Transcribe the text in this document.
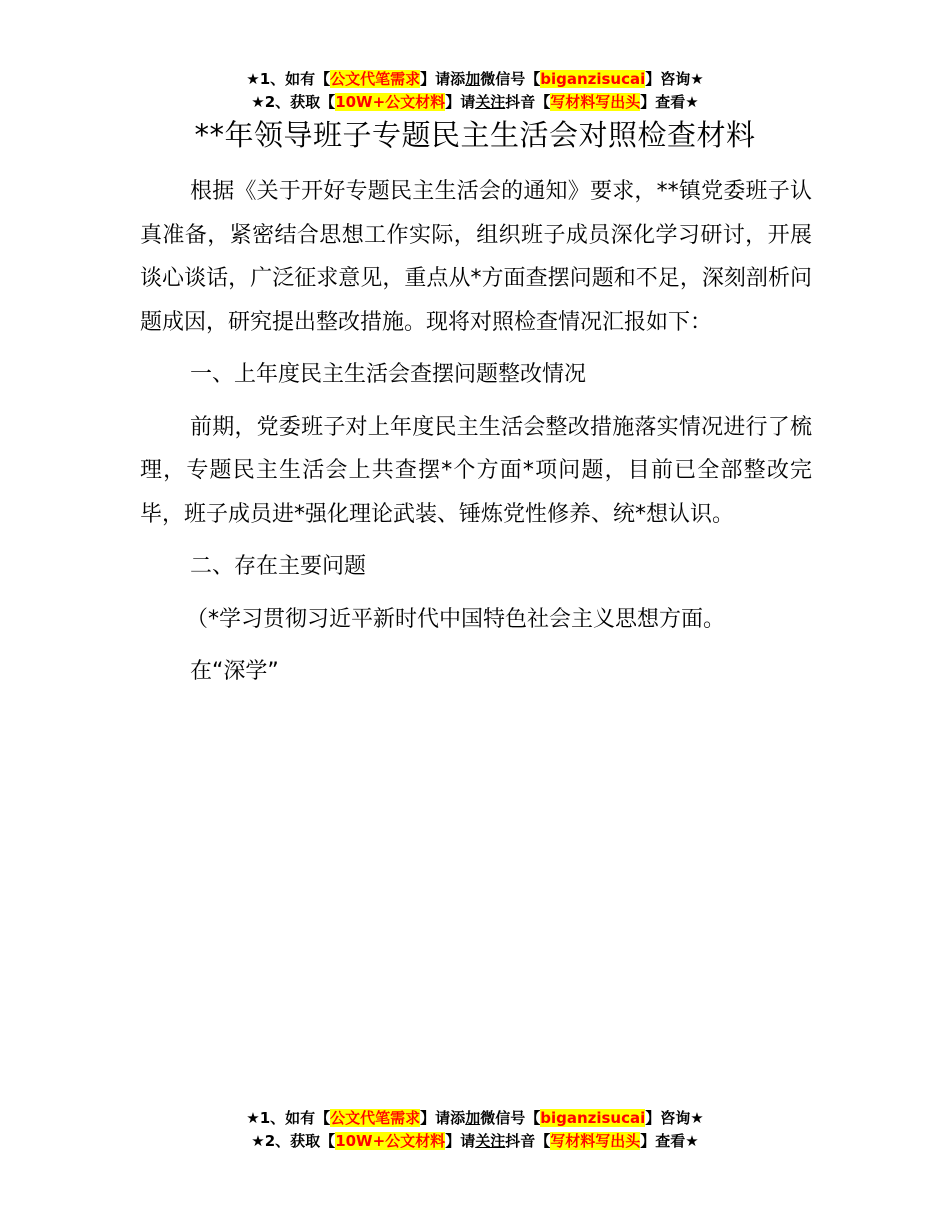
★1、如有【公文代笔需求】请添加微信号【biganzisucai】咨询★
★2、获取【10W+公文材料】请关注抖音【写材料写出头】查看★
**年领导班子专题民主生活会对照检查材料

根据《关于开好专题民主生活会的通知》要求，**镇党委班子认真准备，紧密结合思想工作实际，组织班子成员深化学习研讨，开展谈心谈话，广泛征求意见，重点从*方面查摆问题和不足，深刻剖析问题成因，研究提出整改措施。现将对照检查情况汇报如下：

一、上年度民主生活会查摆问题整改情况

前期，党委班子对上年度民主生活会整改措施落实情况进行了梳理，专题民主生活会上共查摆*个方面*项问题，目前已全部整改完毕，班子成员进*强化理论武装、锤炼党性修养、统*想认识。

二、存在主要问题

（*学习贯彻习近平新时代中国特色社会主义思想方面。

在“深学”

★1、如有【公文代笔需求】请添加微信号【biganzisucai】咨询★
★2、获取【10W+公文材料】请关注抖音【写材料写出头】查看★
